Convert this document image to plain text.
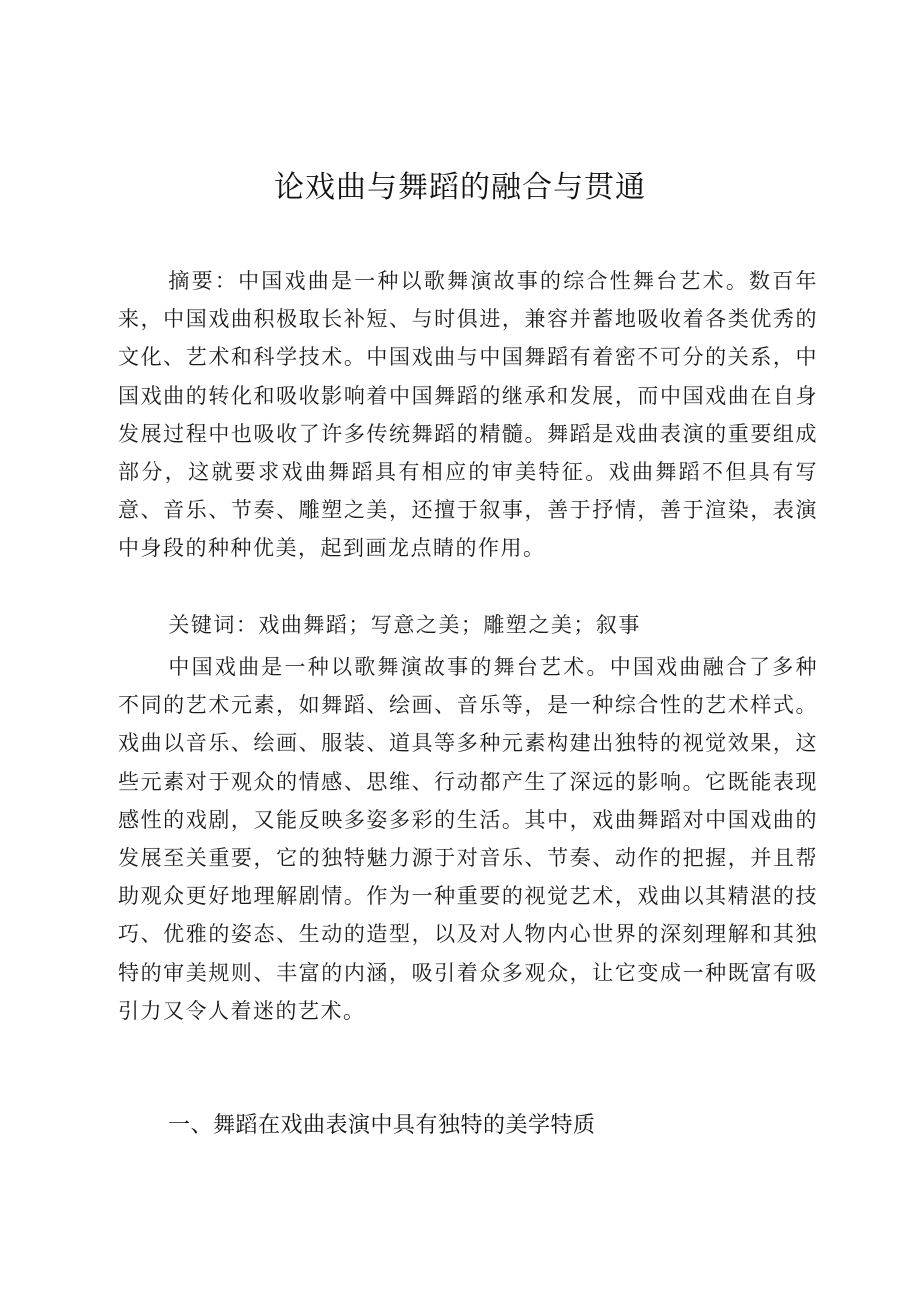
论戏曲与舞蹈的融合与贯通

摘要：中国戏曲是一种以歌舞演故事的综合性舞台艺术。数百年来，中国戏曲积极取长补短、与时俱进，兼容并蓄地吸收着各类优秀的文化、艺术和科学技术。中国戏曲与中国舞蹈有着密不可分的关系，中国戏曲的转化和吸收影响着中国舞蹈的继承和发展，而中国戏曲在自身发展过程中也吸收了许多传统舞蹈的精髓。舞蹈是戏曲表演的重要组成部分，这就要求戏曲舞蹈具有相应的审美特征。戏曲舞蹈不但具有写意、音乐、节奏、雕塑之美，还擅于叙事，善于抒情，善于渲染，表演中身段的种种优美，起到画龙点睛的作用。

关键词：戏曲舞蹈；写意之美；雕塑之美；叙事

中国戏曲是一种以歌舞演故事的舞台艺术。中国戏曲融合了多种不同的艺术元素，如舞蹈、绘画、音乐等，是一种综合性的艺术样式。戏曲以音乐、绘画、服装、道具等多种元素构建出独特的视觉效果，这些元素对于观众的情感、思维、行动都产生了深远的影响。它既能表现感性的戏剧，又能反映多姿多彩的生活。其中，戏曲舞蹈对中国戏曲的发展至关重要，它的独特魅力源于对音乐、节奏、动作的把握，并且帮助观众更好地理解剧情。作为一种重要的视觉艺术，戏曲以其精湛的技巧、优雅的姿态、生动的造型，以及对人物内心世界的深刻理解和其独特的审美规则、丰富的内涵，吸引着众多观众，让它变成一种既富有吸引力又令人着迷的艺术。

一、舞蹈在戏曲表演中具有独特的美学特质
